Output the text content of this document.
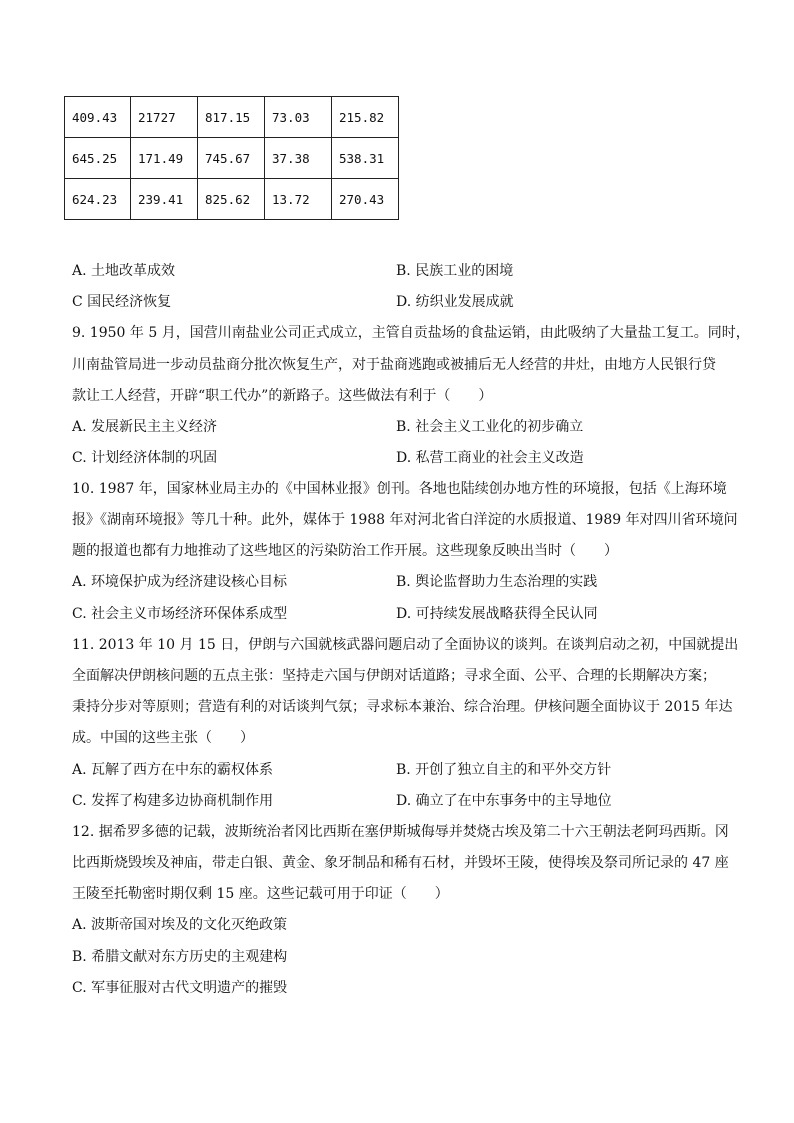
409.43	21727	817.15	73.03	215.82
645.25	171.49	745.67	37.38	538.31
624.23	239.41	825.62	13.72	270.43
A. 土地改革成效	B. 民族工业的困境
C 国民经济恢复	D. 纺织业发展成就
9. 1950 年 5 月，国营川南盐业公司正式成立，主管自贡盐场的食盐运销，由此吸纳了大量盐工复工。同时，
川南盐管局进一步动员盐商分批次恢复生产，对于盐商逃跑或被捕后无人经营的井灶，由地方人民银行贷
款让工人经营，开辟“职工代办”的新路子。这些做法有利于（　　）
A. 发展新民主主义经济	B. 社会主义工业化的初步确立
C. 计划经济体制的巩固	D. 私营工商业的社会主义改造
10. 1987 年，国家林业局主办的《中国林业报》创刊。各地也陆续创办地方性的环境报，包括《上海环境
报》《湖南环境报》等几十种。此外，媒体于 1988 年对河北省白洋淀的水质报道、1989 年对四川省环境问
题的报道也都有力地推动了这些地区的污染防治工作开展。这些现象反映出当时（　　）
A. 环境保护成为经济建设核心目标	B. 舆论监督助力生态治理的实践
C. 社会主义市场经济环保体系成型	D. 可持续发展战略获得全民认同
11. 2013 年 10 月 15 日，伊朗与六国就核武器问题启动了全面协议的谈判。在谈判启动之初，中国就提出
全面解决伊朗核问题的五点主张：坚持走六国与伊朗对话道路；寻求全面、公平、合理的长期解决方案；
秉持分步对等原则；营造有利的对话谈判气氛；寻求标本兼治、综合治理。伊核问题全面协议于 2015 年达
成。中国的这些主张（　　）
A. 瓦解了西方在中东的霸权体系	B. 开创了独立自主的和平外交方针
C. 发挥了构建多边协商机制作用	D. 确立了在中东事务中的主导地位
12. 据希罗多德的记载，波斯统治者冈比西斯在塞伊斯城侮辱并焚烧古埃及第二十六王朝法老阿玛西斯。冈
比西斯烧毁埃及神庙，带走白银、黄金、象牙制品和稀有石材，并毁坏王陵，使得埃及祭司所记录的 47 座
王陵至托勒密时期仅剩 15 座。这些记载可用于印证（　　）
A. 波斯帝国对埃及的文化灭绝政策
B. 希腊文献对东方历史的主观建构
C. 军事征服对古代文明遗产的摧毁
